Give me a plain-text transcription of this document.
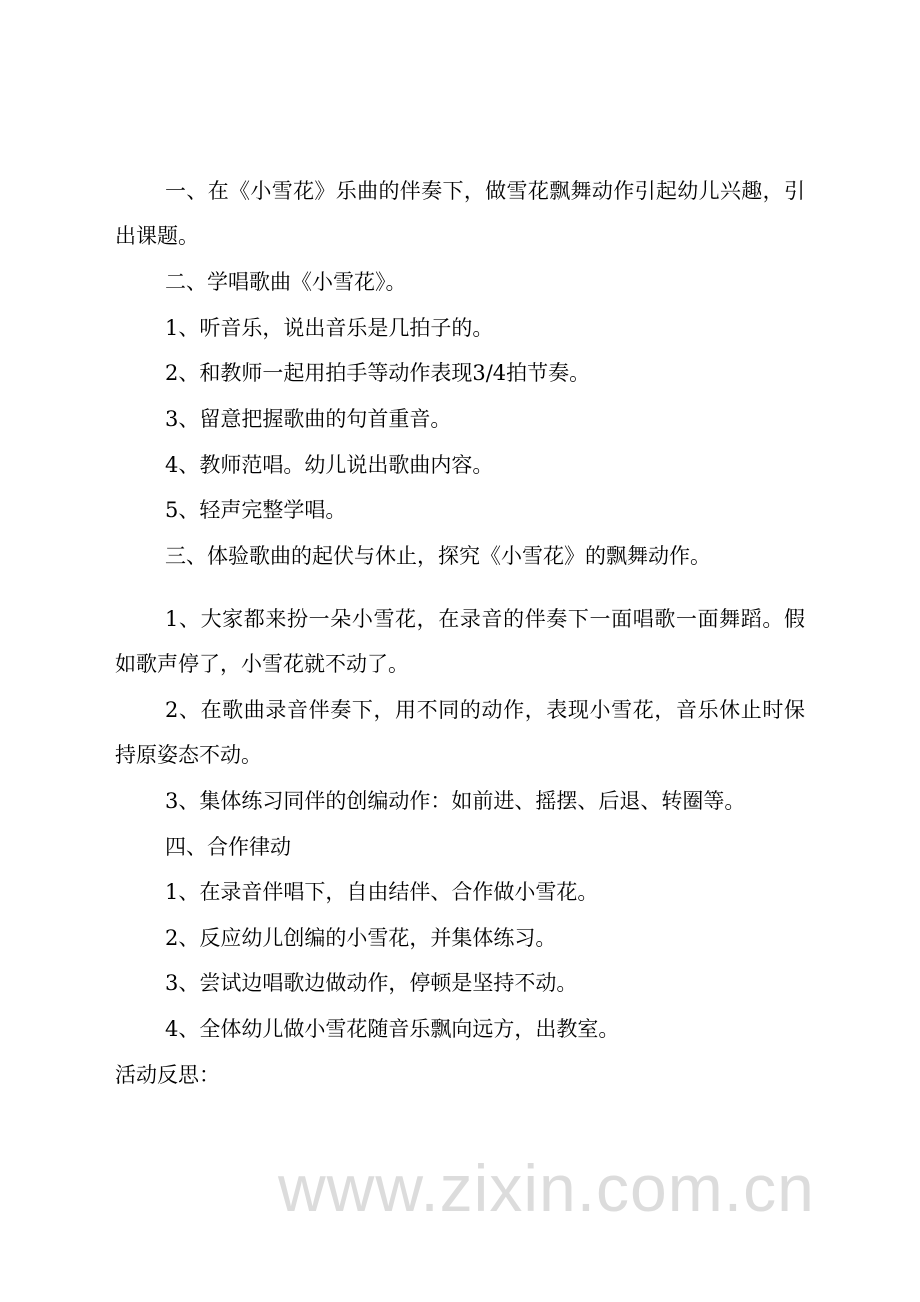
www.zixin.com.cn
一、在《小雪花》乐曲的伴奏下，做雪花飘舞动作引起幼儿兴趣，引
出课题。
二、学唱歌曲《小雪花》。
1、听音乐，说出音乐是几拍子的。
2、和教师一起用拍手等动作表现3/4拍节奏。
3、留意把握歌曲的句首重音。
4、教师范唱。幼儿说出歌曲内容。
5、轻声完整学唱。
三、体验歌曲的起伏与休止，探究《小雪花》的飘舞动作。
1、大家都来扮一朵小雪花，在录音的伴奏下一面唱歌一面舞蹈。假
如歌声停了，小雪花就不动了。
2、在歌曲录音伴奏下，用不同的动作，表现小雪花，音乐休止时保
持原姿态不动。
3、集体练习同伴的创编动作：如前进、摇摆、后退、转圈等。
四、合作律动
1、在录音伴唱下，自由结伴、合作做小雪花。
2、反应幼儿创编的小雪花，并集体练习。
3、尝试边唱歌边做动作，停顿是坚持不动。
4、全体幼儿做小雪花随音乐飘向远方，出教室。
活动反思：
